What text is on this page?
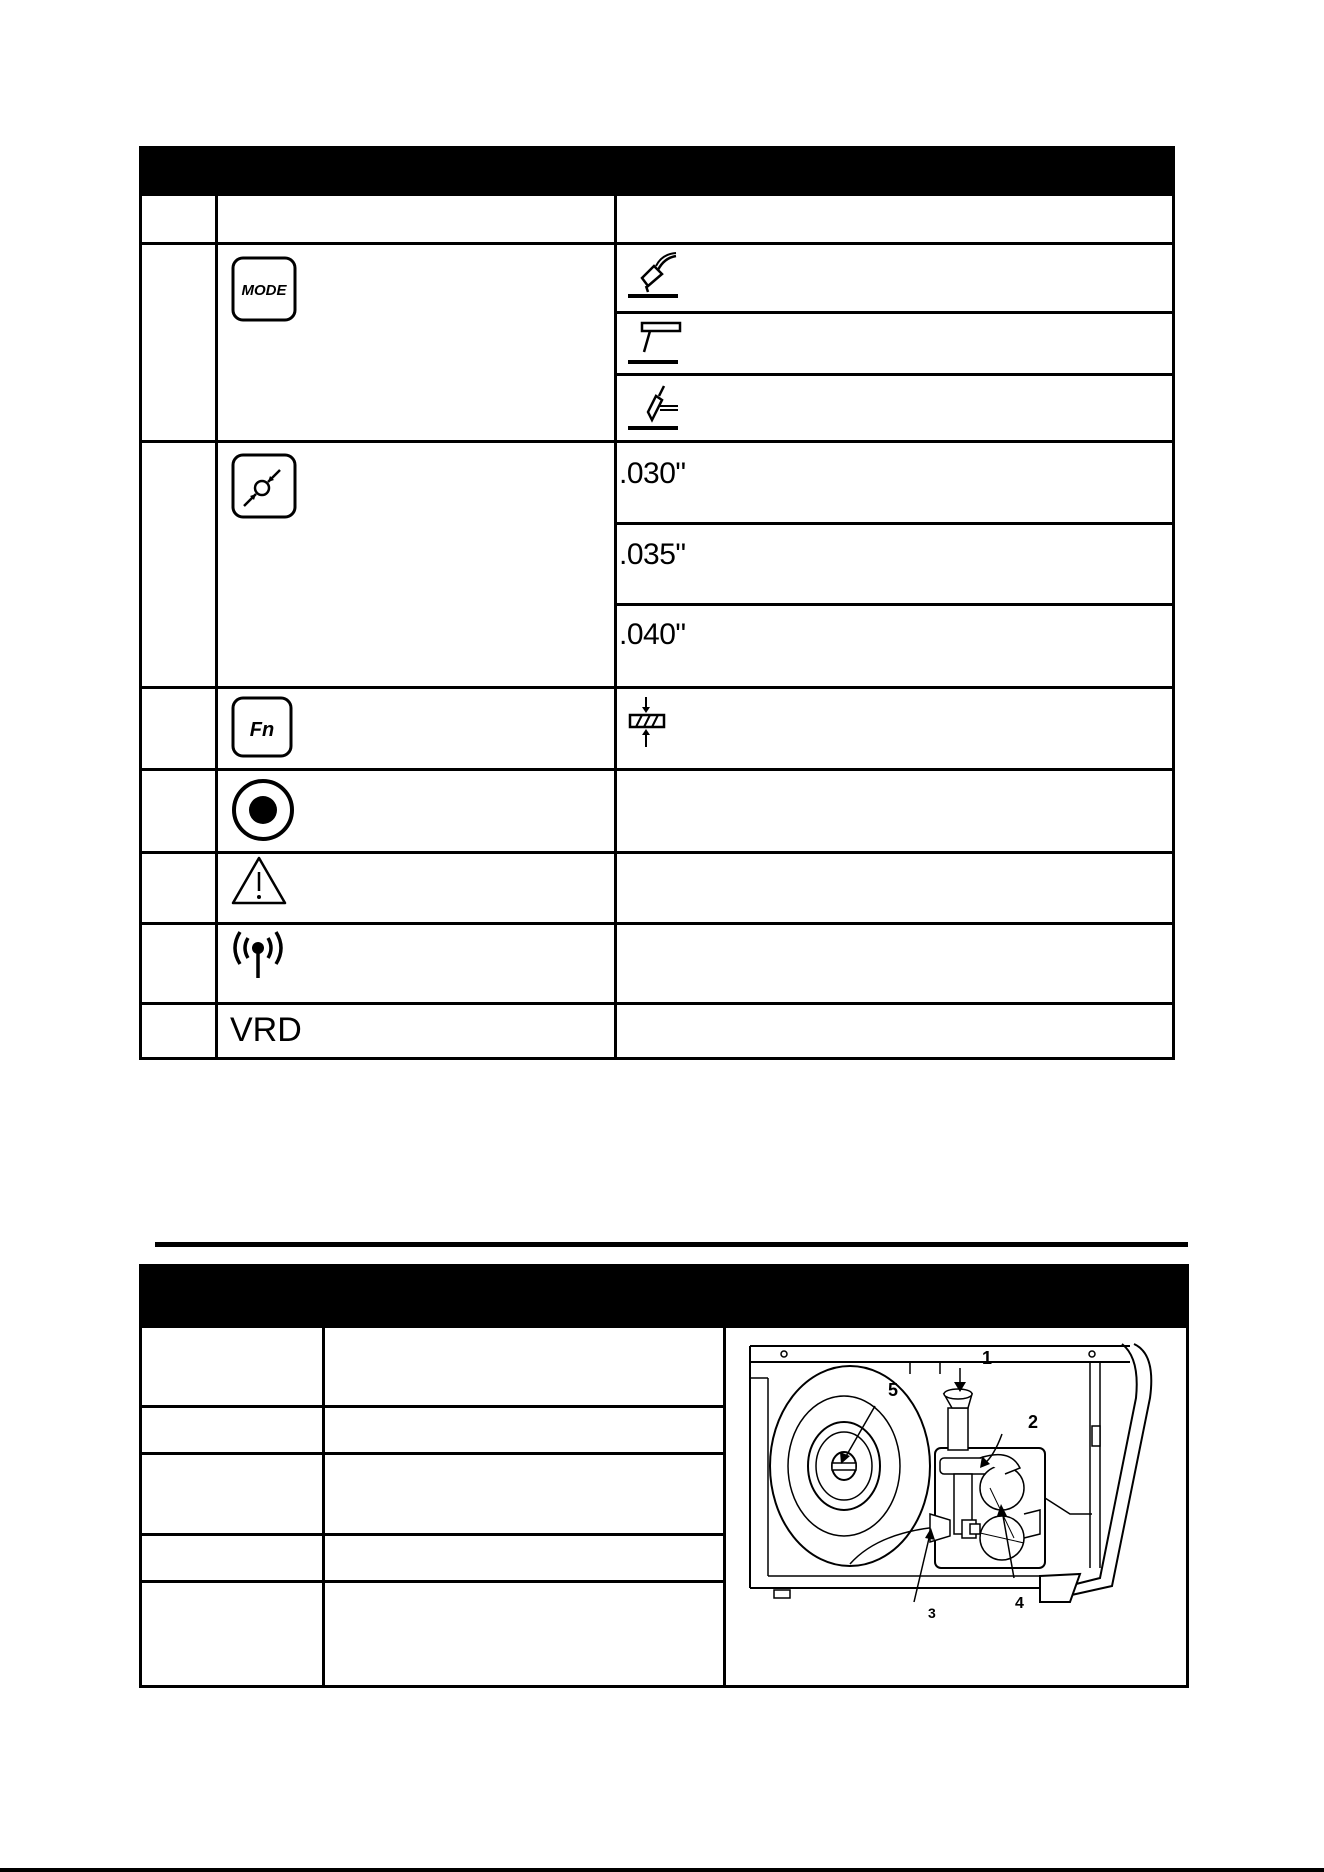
MODE
.030"
.035"
.040"
Fn
VRD
5
1
2
3
4
